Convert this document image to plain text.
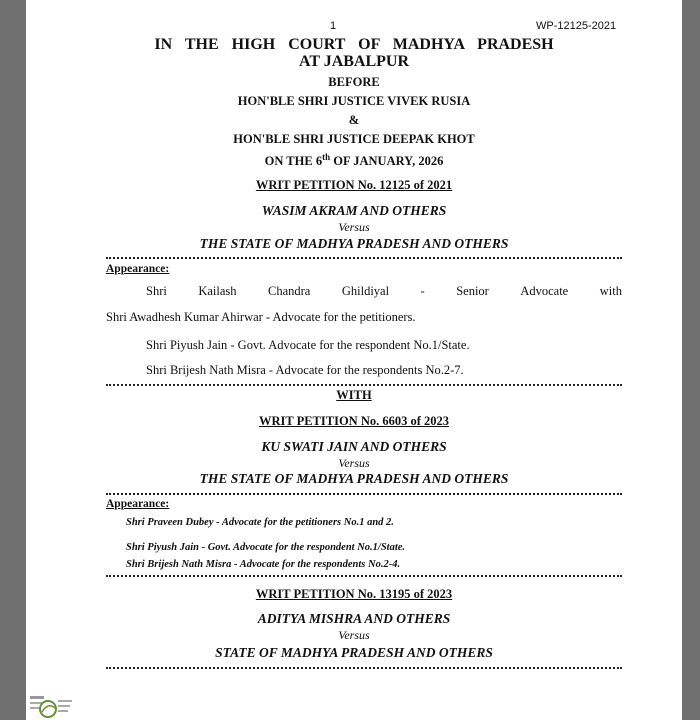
1	WP-12125-2021
IN THE HIGH COURT OF MADHYA PRADESH
AT JABALPUR
BEFORE
HON'BLE SHRI JUSTICE VIVEK RUSIA
&
HON'BLE SHRI JUSTICE DEEPAK KHOT
ON THE 6th OF JANUARY, 2026
WRIT PETITION No. 12125 of 2021
WASIM AKRAM AND OTHERS
Versus
THE STATE OF MADHYA PRADESH AND OTHERS
Appearance:
Shri	Kailash	Chandra	Ghildiyal	-	Senior	Advocate	with
Shri Awadhesh Kumar Ahirwar - Advocate for the petitioners.
Shri Piyush Jain - Govt. Advocate for the respondent No.1/State.
Shri Brijesh Nath Misra - Advocate for the respondents No.2-7.
WITH
WRIT PETITION No. 6603 of 2023
KU SWATI JAIN AND OTHERS
Versus
THE STATE OF MADHYA PRADESH AND OTHERS
Appearance:
Shri Praveen Dubey - Advocate for the petitioners No.1 and 2.
Shri Piyush Jain - Govt. Advocate for the respondent No.1/State.
Shri Brijesh Nath Misra - Advocate for the respondents No.2-4.
WRIT PETITION No. 13195 of 2023
ADITYA MISHRA AND OTHERS
Versus
STATE OF MADHYA PRADESH AND OTHERS
